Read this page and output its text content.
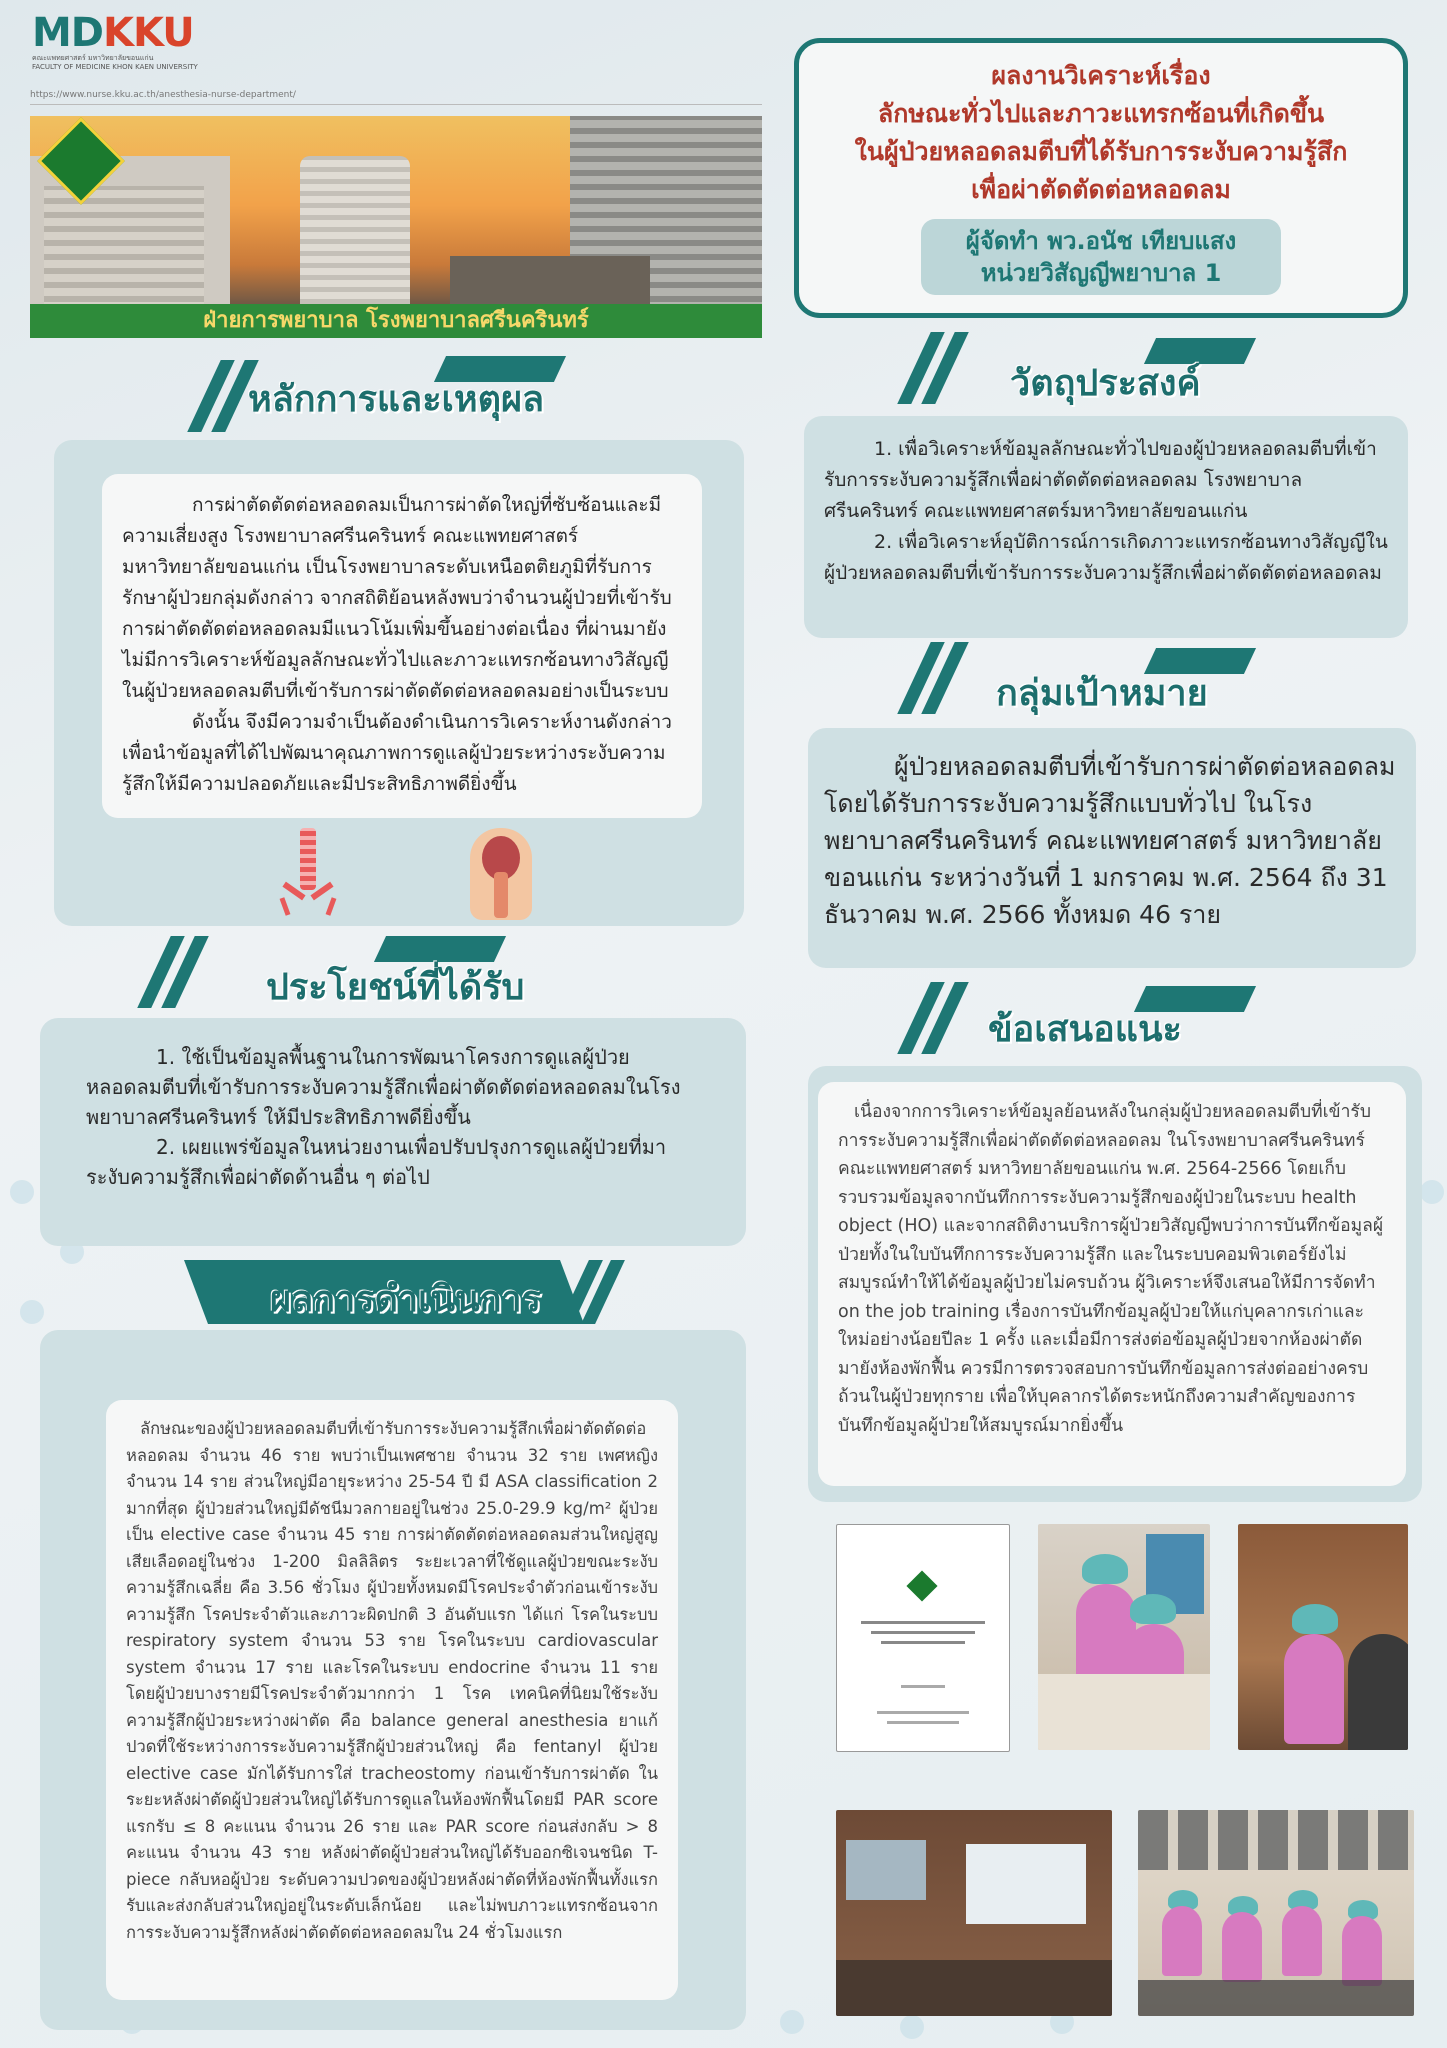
MDKKU
คณะแพทยศาสตร์ มหาวิทยาลัยขอนแก่น
FACULTY OF MEDICINE KHON KAEN UNIVERSITY
https://www.nurse.kku.ac.th/anesthesia-nurse-department/
ฝ่ายการพยาบาล โรงพยาบาลศรีนครินทร์
ผลงานวิเคราะห์เรื่อง
ลักษณะทั่วไปและภาวะแทรกซ้อนที่เกิดขึ้น
ในผู้ป่วยหลอดลมตีบที่ได้รับการระงับความรู้สึก
เพื่อผ่าตัดตัดต่อหลอดลม
ผู้จัดทำ พว.อนัช เทียบแสง
หน่วยวิสัญญีพยาบาล 1
หลักการและเหตุผล

การผ่าตัดตัดต่อหลอดลมเป็นการผ่าตัดใหญ่ที่ซับซ้อนและมีความเสี่ยงสูง โรงพยาบาลศรีนครินทร์ คณะแพทยศาสตร์ มหาวิทยาลัยขอนแก่น เป็นโรงพยาบาลระดับเหนือตติยภูมิที่รับการรักษาผู้ป่วยกลุ่มดังกล่าว จากสถิติย้อนหลังพบว่าจำนวนผู้ป่วยที่เข้ารับการผ่าตัดตัดต่อหลอดลมมีแนวโน้มเพิ่มขึ้นอย่างต่อเนื่อง ที่ผ่านมายังไม่มีการวิเคราะห์ข้อมูลลักษณะทั่วไปและภาวะแทรกซ้อนทางวิสัญญีในผู้ป่วยหลอดลมตีบที่เข้ารับการผ่าตัดตัดต่อหลอดลมอย่างเป็นระบบ

ดังนั้น จึงมีความจำเป็นต้องดำเนินการวิเคราะห์งานดังกล่าว เพื่อนำข้อมูลที่ได้ไปพัฒนาคุณภาพการดูแลผู้ป่วยระหว่างระงับความรู้สึกให้มีความปลอดภัยและมีประสิทธิภาพดียิ่งขึ้น

ประโยชน์ที่ได้รับ

1. ใช้เป็นข้อมูลพื้นฐานในการพัฒนาโครงการดูแลผู้ป่วยหลอดลมตีบที่เข้ารับการระงับความรู้สึกเพื่อผ่าตัดตัดต่อหลอดลมในโรงพยาบาลศรีนครินทร์ ให้มีประสิทธิภาพดียิ่งขึ้น

2. เผยแพร่ข้อมูลในหน่วยงานเพื่อปรับปรุงการดูแลผู้ป่วยที่มาระงับความรู้สึกเพื่อผ่าตัดด้านอื่น ๆ ต่อไป

ผลการดำเนินการ

ลักษณะของผู้ป่วยหลอดลมตีบที่เข้ารับการระงับความรู้สึกเพื่อผ่าตัดตัดต่อหลอดลม จำนวน 46 ราย พบว่าเป็นเพศชาย จำนวน 32 ราย เพศหญิง จำนวน 14 ราย ส่วนใหญ่มีอายุระหว่าง 25-54 ปี มี ASA classification 2 มากที่สุด ผู้ป่วยส่วนใหญ่มีดัชนีมวลกายอยู่ในช่วง 25.0-29.9 kg/m² ผู้ป่วยเป็น elective case จำนวน 45 ราย การผ่าตัดตัดต่อหลอดลมส่วนใหญ่สูญเสียเลือดอยู่ในช่วง 1-200 มิลลิลิตร ระยะเวลาที่ใช้ดูแลผู้ป่วยขณะระงับความรู้สึกเฉลี่ย คือ 3.56 ชั่วโมง ผู้ป่วยทั้งหมดมีโรคประจำตัวก่อนเข้าระงับความรู้สึก โรคประจำตัวและภาวะผิดปกติ 3 อันดับแรก ได้แก่ โรคในระบบ respiratory system จำนวน 53 ราย โรคในระบบ cardiovascular system จำนวน 17 ราย และโรคในระบบ endocrine จำนวน 11 ราย โดยผู้ป่วยบางรายมีโรคประจำตัวมากกว่า 1 โรค เทคนิคที่นิยมใช้ระงับความรู้สึกผู้ป่วยระหว่างผ่าตัด คือ balance general anesthesia ยาแก้ปวดที่ใช้ระหว่างการระงับความรู้สึกผู้ป่วยส่วนใหญ่ คือ fentanyl ผู้ป่วย elective case มักได้รับการใส่ tracheostomy ก่อนเข้ารับการผ่าตัด ในระยะหลังผ่าตัดผู้ป่วยส่วนใหญ่ได้รับการดูแลในห้องพักฟื้นโดยมี PAR score แรกรับ ≤ 8 คะแนน จำนวน 26 ราย และ PAR score ก่อนส่งกลับ > 8 คะแนน จำนวน 43 ราย หลังผ่าตัดผู้ป่วยส่วนใหญ่ได้รับออกซิเจนชนิด T-piece กลับหอผู้ป่วย ระดับความปวดของผู้ป่วยหลังผ่าตัดที่ห้องพักฟื้นทั้งแรกรับและส่งกลับส่วนใหญ่อยู่ในระดับเล็กน้อย และไม่พบภาวะแทรกซ้อนจากการระงับความรู้สึกหลังผ่าตัดตัดต่อหลอดลมใน 24 ชั่วโมงแรก

วัตถุประสงค์

1. เพื่อวิเคราะห์ข้อมูลลักษณะทั่วไปของผู้ป่วยหลอดลมตีบที่เข้ารับการระงับความรู้สึกเพื่อผ่าตัดตัดต่อหลอดลม โรงพยาบาลศรีนครินทร์ คณะแพทยศาสตร์มหาวิทยาลัยขอนแก่น

2. เพื่อวิเคราะห์อุบัติการณ์การเกิดภาวะแทรกซ้อนทางวิสัญญีในผู้ป่วยหลอดลมตีบที่เข้ารับการระงับความรู้สึกเพื่อผ่าตัดตัดต่อหลอดลม

กลุ่มเป้าหมาย

ผู้ป่วยหลอดลมตีบที่เข้ารับการผ่าตัดต่อหลอดลม โดยได้รับการระงับความรู้สึกแบบทั่วไป ในโรงพยาบาลศรีนครินทร์ คณะแพทยศาสตร์ มหาวิทยาลัยขอนแก่น ระหว่างวันที่ 1 มกราคม พ.ศ. 2564 ถึง 31 ธันวาคม พ.ศ. 2566 ทั้งหมด 46 ราย

ข้อเสนอแนะ

เนื่องจากการวิเคราะห์ข้อมูลย้อนหลังในกลุ่มผู้ป่วยหลอดลมตีบที่เข้ารับการระงับความรู้สึกเพื่อผ่าตัดตัดต่อหลอดลม ในโรงพยาบาลศรีนครินทร์ คณะแพทยศาสตร์ มหาวิทยาลัยขอนแก่น พ.ศ. 2564-2566 โดยเก็บรวบรวมข้อมูลจากบันทึกการระงับความรู้สึกของผู้ป่วยในระบบ health object (HO) และจากสถิติงานบริการผู้ป่วยวิสัญญีพบว่าการบันทึกข้อมูลผู้ป่วยทั้งในใบบันทึกการระงับความรู้สึก และในระบบคอมพิวเตอร์ยังไม่สมบูรณ์ทำให้ได้ข้อมูลผู้ป่วยไม่ครบถ้วน ผู้วิเคราะห์จึงเสนอให้มีการจัดทำ on the job training เรื่องการบันทึกข้อมูลผู้ป่วยให้แก่บุคลากรเก่าและใหม่อย่างน้อยปีละ 1 ครั้ง และเมื่อมีการส่งต่อข้อมูลผู้ป่วยจากห้องผ่าตัดมายังห้องพักฟื้น ควรมีการตรวจสอบการบันทึกข้อมูลการส่งต่ออย่างครบถ้วนในผู้ป่วยทุกราย เพื่อให้บุคลากรได้ตระหนักถึงความสำคัญของการบันทึกข้อมูลผู้ป่วยให้สมบูรณ์มากยิ่งขึ้น
